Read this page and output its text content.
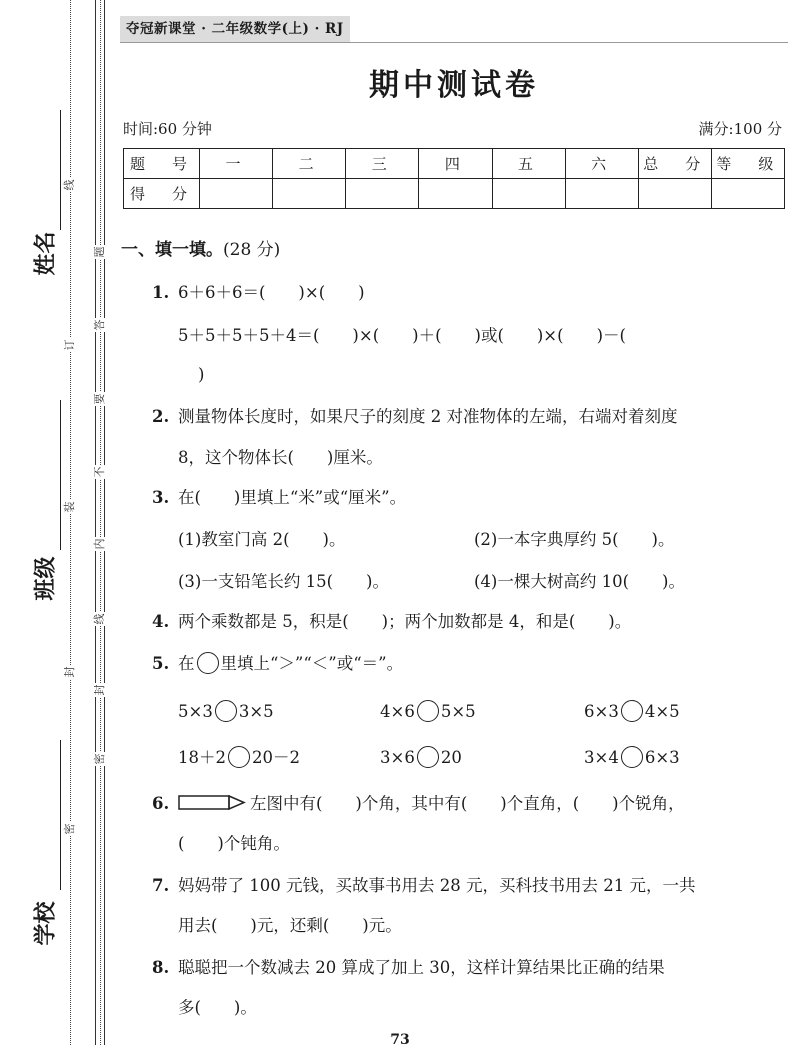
姓名
班级
学校
线
订
装
封
密
题
答
要
不
内
线
封
密
夺冠新课堂 · 二年级数学(上) · RJ
期中测试卷
时间:60 分钟	满分:100 分
题　号	一	二	三	四	五	六	总　分	等　级
得　分								
一、填一填。(28 分)
1. 6＋6＋6＝(　　)×(　　)
5＋5＋5＋5＋4＝(　　)×(　　)＋(　　)或(　　)×(　　)－(
)
2. 测量物体长度时，如果尺子的刻度 2 对准物体的左端，右端对着刻度
8，这个物体长(　　)厘米。
3. 在(　　)里填上“米”或“厘米”。
(1)教室门高 2(　　)。	(2)一本字典厚约 5(　　)。
(3)一支铅笔长约 15(　　)。	(4)一棵大树高约 10(　　)。
4. 两个乘数都是 5，积是(　　)；两个加数都是 4，和是(　　)。
5. 在 里填上“＞”“＜”或“＝”。
5×3 3×5	4×6 5×5	6×3 4×5
18＋2 20－2	3×6 20	3×4 6×3
6.	左图中有(　　)个角，其中有(　　)个直角，(　　)个锐角，
(　　)个钝角。
7. 妈妈带了 100 元钱，买故事书用去 28 元，买科技书用去 21 元，一共
用去(　　)元，还剩(　　)元。
8. 聪聪把一个数减去 20 算成了加上 30，这样计算结果比正确的结果
多(　　)。
73
